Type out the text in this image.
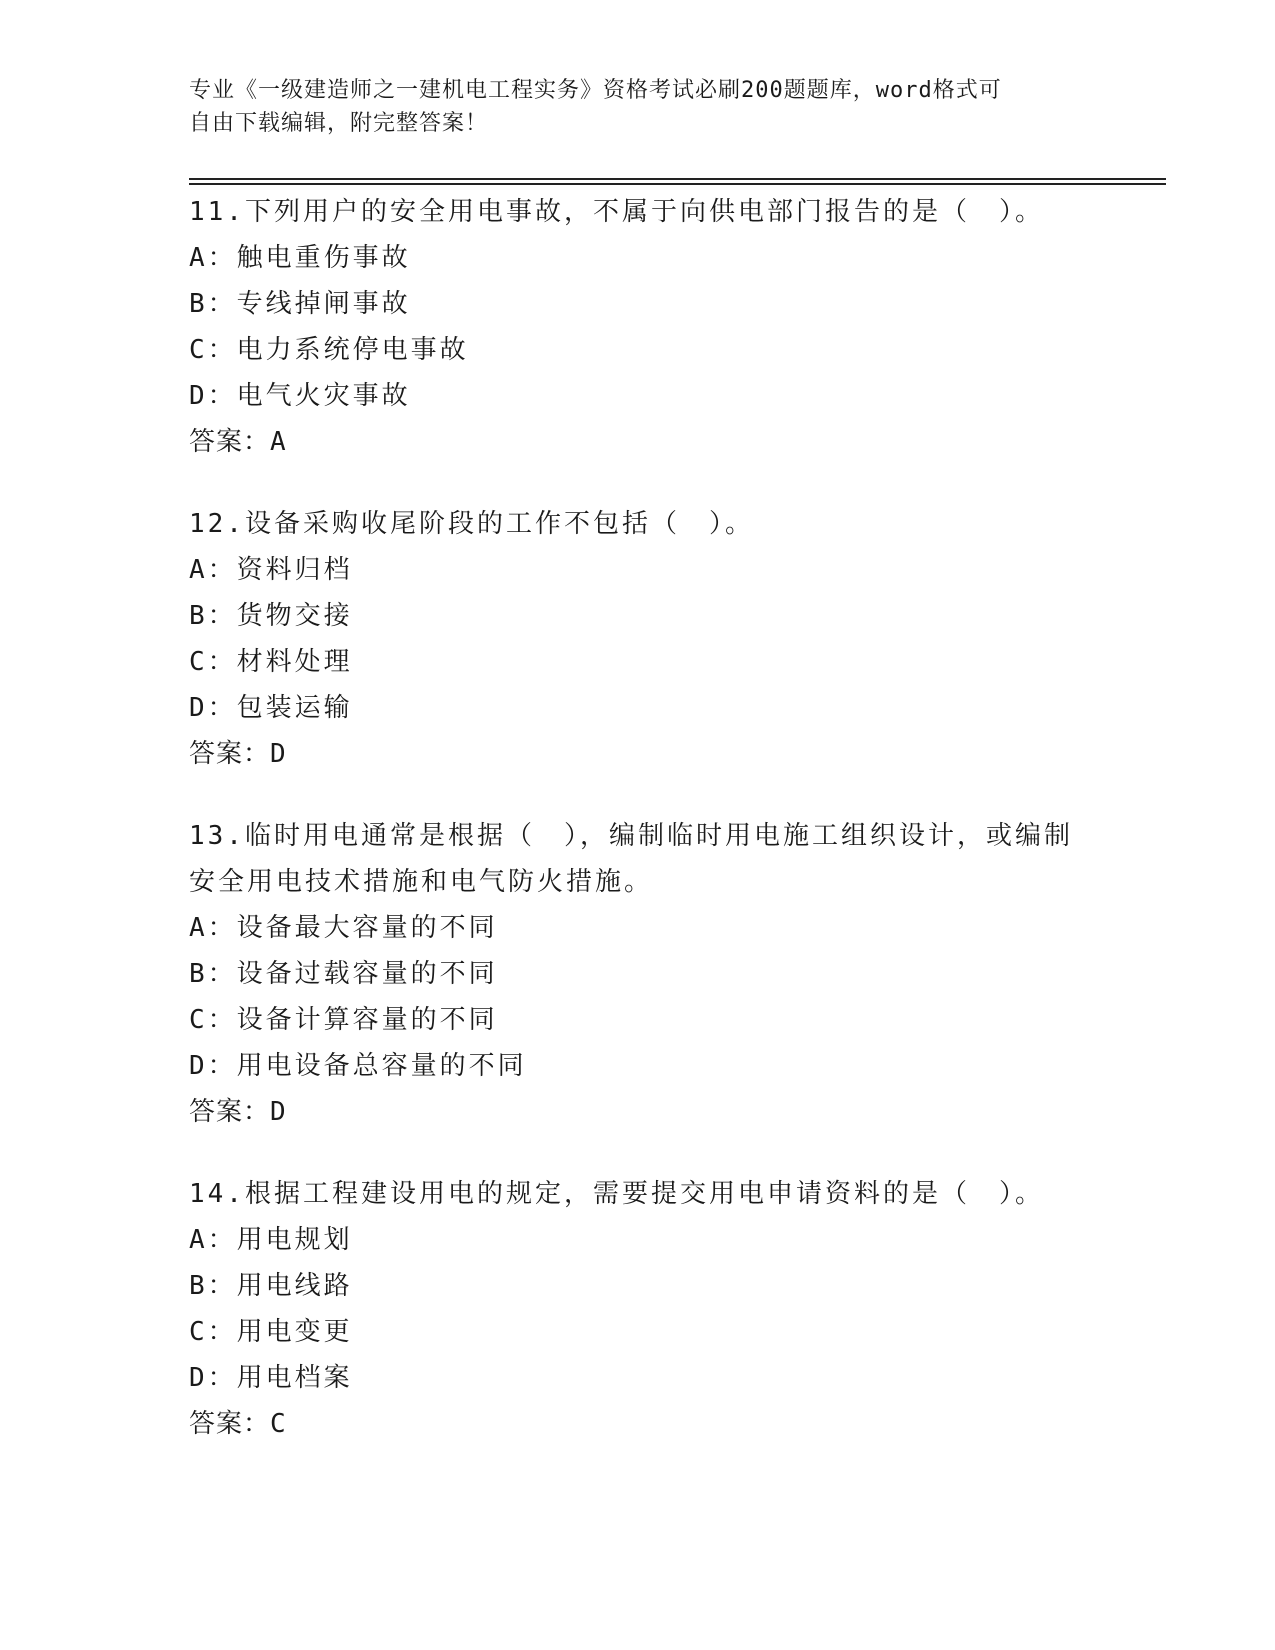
专业《一级建造师之一建机电工程实务》资格考试必刷200题题库，word格式可
自由下载编辑，附完整答案！

11.下列用户的安全用电事故，不属于向供电部门报告的是（　）。

A：触电重伤事故

B：专线掉闸事故

C：电力系统停电事故

D：电气火灾事故

答案：A

12.设备采购收尾阶段的工作不包括（　）。

A：资料归档

B：货物交接

C：材料处理

D：包装运输

答案：D

13.临时用电通常是根据（　），编制临时用电施工组织设计，或编制

安全用电技术措施和电气防火措施。

A：设备最大容量的不同

B：设备过载容量的不同

C：设备计算容量的不同

D：用电设备总容量的不同

答案：D

14.根据工程建设用电的规定，需要提交用电申请资料的是（　）。

A：用电规划

B：用电线路

C：用电变更

D：用电档案

答案：C
